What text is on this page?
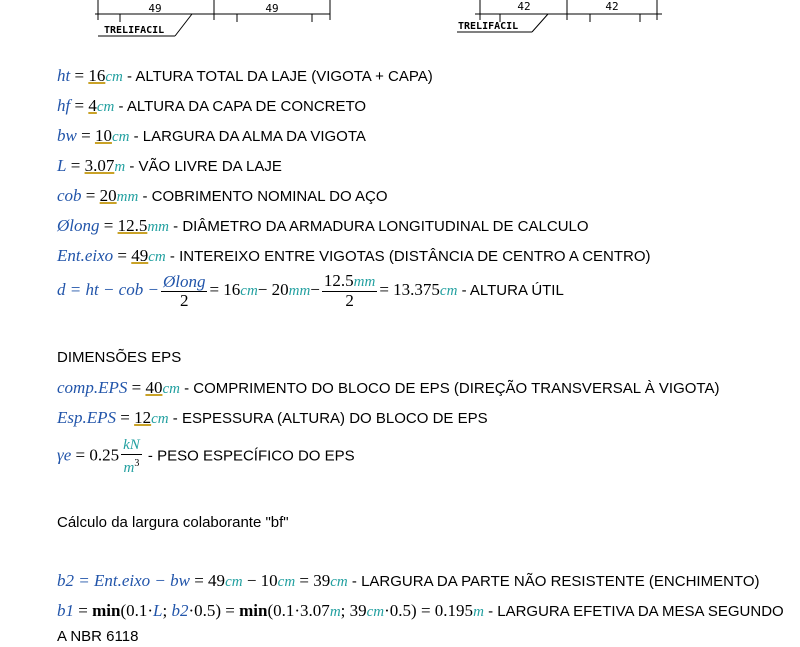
49	49	42	42
TRELIFACIL	TRELIFACIL
ht = 16cm - ALTURA TOTAL DA LAJE (VIGOTA + CAPA)
hf = 4cm - ALTURA DA CAPA DE CONCRETO
bw = 10cm - LARGURA DA ALMA DA VIGOTA
L = 3.07m - VÃO LIVRE DA LAJE
cob = 20mm - COBRIMENTO NOMINAL DO AÇO
Ølong = 12.5mm - DIÂMETRO DA ARMADURA LONGITUDINAL DE CALCULO
Ent.eixo = 49cm - INTEREIXO ENTRE VIGOTAS (DISTÂNCIA DE CENTRO A CENTRO)
d = ht − cob − $\frac{\text{Ølong}}{2} = 16cm- 20mm- \frac{12.5mm}{2} = 13.375cm$ - ALTURA ÚTIL
DIMENSÕES EPS
comp.EPS = 40cm - COMPRIMENTO DO BLOCO DE EPS (DIREÇÃO TRANSVERSAL À VIGOTA)
Esp.EPS = 12cm - ESPESSURA (ALTURA) DO BLOCO DE EPS
$\gamma e = 0.25 \frac{kN}{m^3}$ - PESO ESPECÍFICO DO EPS
Cálculo da largura colaborante "bf"
b2 = Ent.eixo − bw = 49cm − 10cm = 39cm - LARGURA DA PARTE NÃO RESISTENTE (ENCHIMENTO)
b1 = min(0.1·L; b2·0.5) = min(0.1·3.07m; 39cm·0.5) = 0.195m - LARGURA EFETIVA DA MESA SEGUNDO
A NBR 6118
